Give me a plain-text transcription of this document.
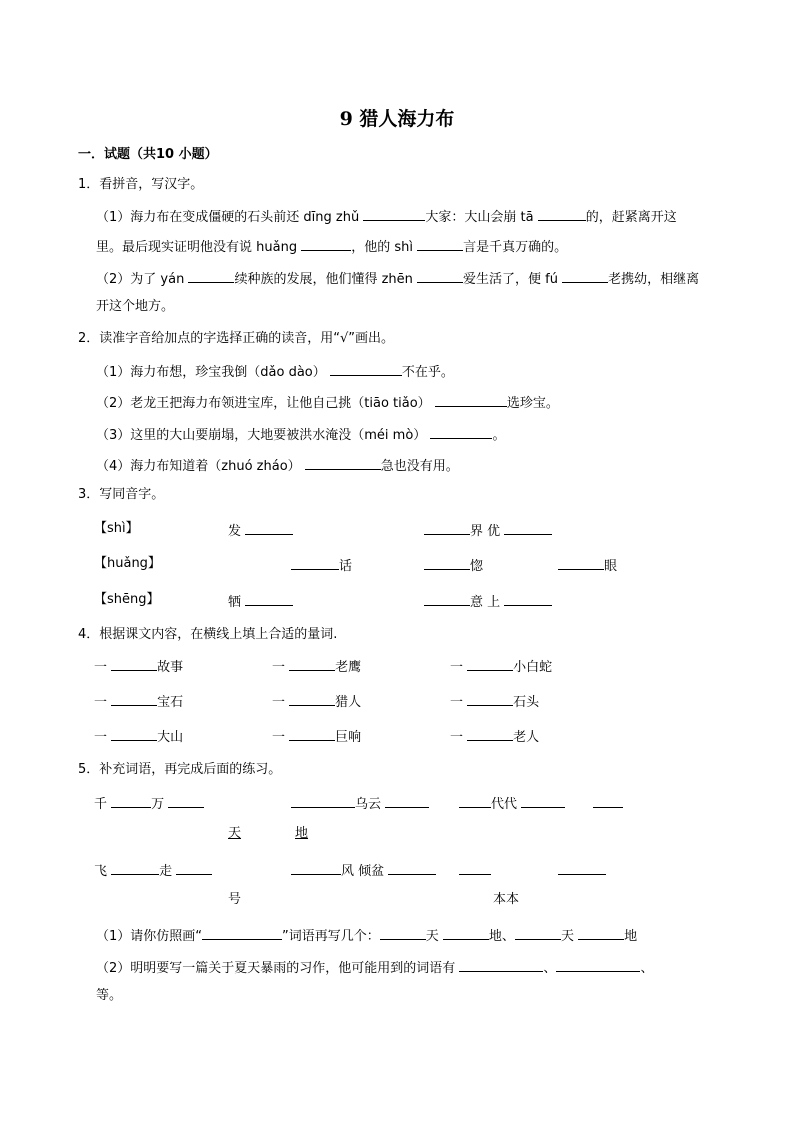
9 猎人海力布
一．试题（共10 小题）
1．看拼音，写汉字。
（1）海力布在变成僵硬的石头前还 dīng zhǔ	大家：大山会崩 tā	的，赶紧离开这
里。最后现实证明他没有说 huǎng	，他的 shì	言是千真万确的。
（2）为了 yán	续种族的发展，他们懂得 zhēn	爱生活了，便 fú	老携幼，相继离
开这个地方。
2．读准字音给加点的字选择正确的读音，用“√”画出。
（1）海力布想，珍宝我倒（dǎo dào）	不在乎。
（2）老龙王把海力布领进宝库，让他自己挑（tiāo tiǎo）	选珍宝。
（3）这里的大山要崩塌，大地要被洪水淹没（méi mò）	。
（4）海力布知道着（zhuó zháo）	急也没有用。
3．写同音字。
【shì】	发	界 优
【huǎng】	话	惚	眼
【shēng】	牺	意 上
4．根据课文内容，在横线上填上合适的量词.
一	故事	一	老鹰	一	小白蛇
一	宝石	一	猎人	一	石头
一	大山	一	巨响	一	老人
5．补充词语，再完成后面的练习。
千	万	乌云	代代
天	地
飞	走	风 倾盆
号	本本
（1）请你仿照画“	”词语再写几个：	天	地、	天	地
（2）明明要写一篇关于夏天暴雨的习作，他可能用到的词语有	、	、
等。
